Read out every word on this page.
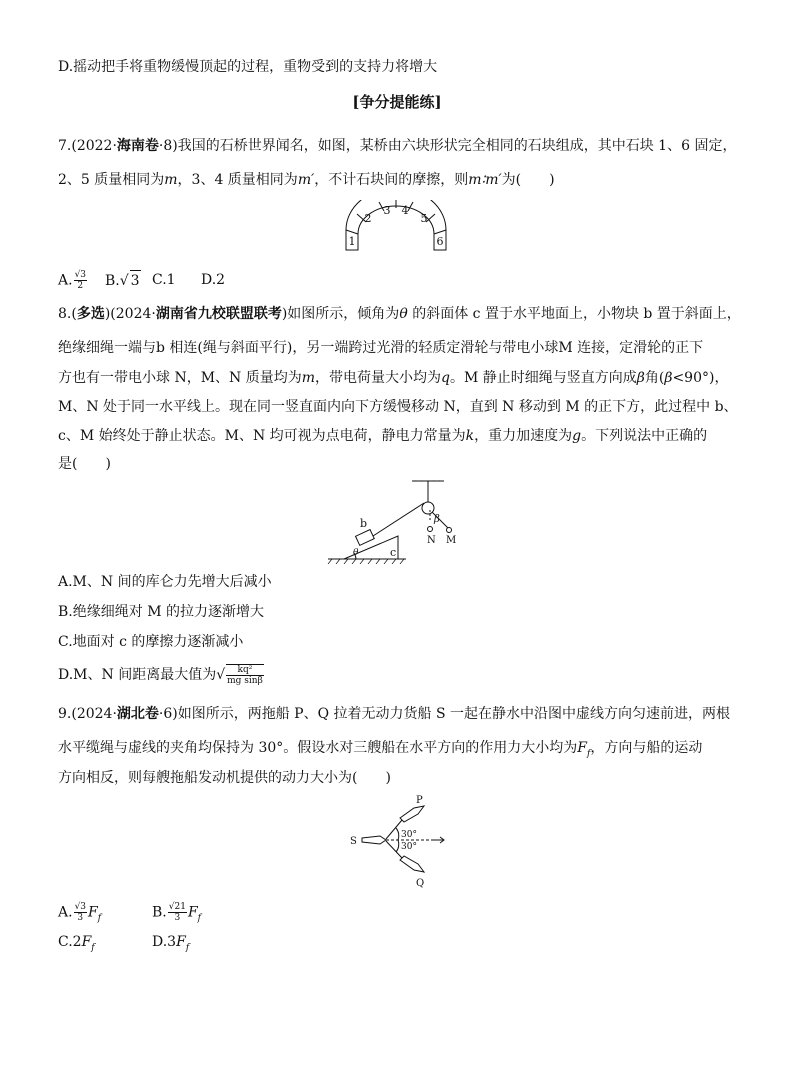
D.摇动把手将重物缓慢顶起的过程，重物受到的支持力将增大
[争分提能练]
7.(2022·海南卷·8)我国的石桥世界闻名，如图，某桥由六块形状完全相同的石块组成，其中石块 1、6 固定，
2、5 质量相同为m，3、4 质量相同为m′，不计石块间的摩擦，则m∶m′为(　　)
1
2
3 4
5
6
A. $\frac{√3}{2} B.√$ 3 C.1 D.2
8.(多选)(2024·湖南省九校联盟联考)如图所示，倾角为θ 的斜面体 c 置于水平地面上，小物块 b 置于斜面上，
绝缘细绳一端与b 相连(绳与斜面平行)，另一端跨过光滑的轻质定滑轮与带电小球M 连接，定滑轮的正下
方也有一带电小球 N，M、N 质量均为m，带电荷量大小均为q。M 静止时细绳与竖直方向成β角(β<90°)，
M、N 处于同一水平线上。现在同一竖直面内向下方缓慢移动 N，直到 N 移动到 M 的正下方，此过程中 b、
c、M 始终处于静止状态。M、N 均可视为点电荷，静电力常量为k，重力加速度为g。下列说法中正确的
是(　　)
b
c
θ
β
N M
A.M、N 间的库仑力先增大后减小
B.绝缘细绳对 M 的拉力逐渐增大
C.地面对 c 的摩擦力逐渐减小
D.M、N 间距离最大值为√ $\frac{\text{kq²}}{\text{mg sinβ}}$
9.(2024·湖北卷·6)如图所示，两拖船 P、Q 拉着无动力货船 S 一起在静水中沿图中虚线方向匀速前进，两根
水平缆绳与虚线的夹角均保持为 30°。假设水对三艘船在水平方向的作用力大小均为$F_f$，方向与船的运动
方向相反，则每艘拖船发动机提供的动力大小为(　　)
S
P
Q
30°
30°
A. $\frac{√3}{3} F_f$	B. $\frac{√21}{3} F_f$
$C.2F_f$	$D.3F_f$
